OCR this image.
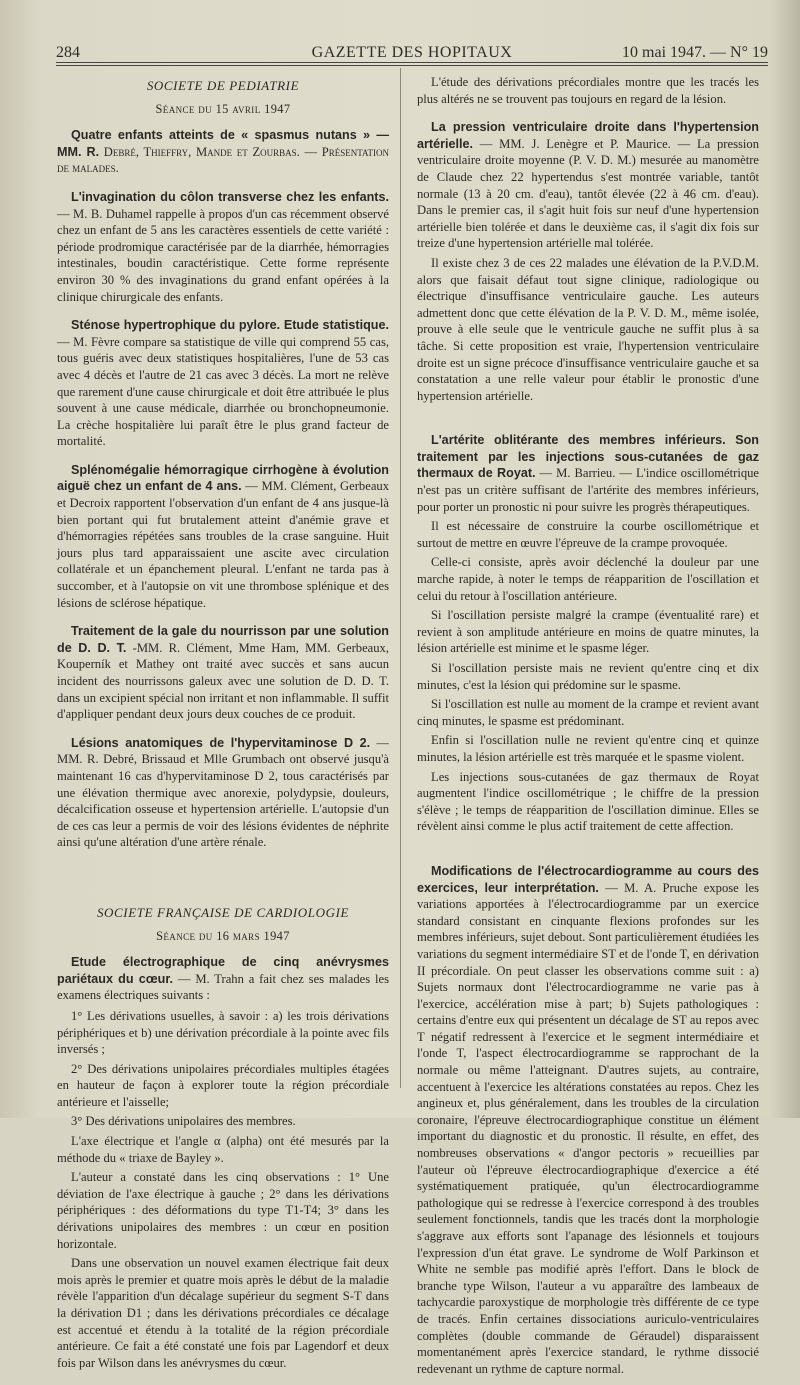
284	GAZETTE DES HOPITAUX	10 mai 1947. — N° 19
SOCIETE DE PEDIATRIE
Séance du 15 avril 1947

Quatre enfants atteints de « spasmus nutans » — MM. R. Debré, Thieffry, Mande et Zourbas. — Présentation de malades.

L'invagination du côlon transverse chez les enfants. — M. B. Duhamel rappelle à propos d'un cas récemment observé chez un enfant de 5 ans les caractères essentiels de cette variété : période prodromique caractérisée par de la diarrhée, hémorragies intestinales, boudin caractéristique. Cette forme représente environ 30 % des invaginations du grand enfant opérées à la clinique chirurgicale des enfants.

Sténose hypertrophique du pylore. Etude statistique. — M. Fèvre compare sa statistique de ville qui comprend 55 cas, tous guéris avec deux statistiques hospitalières, l'une de 53 cas avec 4 décès et l'autre de 21 cas avec 3 décès. La mort ne relève que rarement d'une cause chirurgicale et doit être attribuée le plus souvent à une cause médicale, diarrhée ou bronchopneumonie. La crèche hospitalière lui paraît être le plus grand facteur de mortalité.

Splénomégalie hémorragique cirrhogène à évolution aiguë chez un enfant de 4 ans. — MM. Clément, Gerbeaux et Decroix rapportent l'observation d'un enfant de 4 ans jusque-là bien portant qui fut brutalement atteint d'anémie grave et d'hémorragies répétées sans troubles de la crase sanguine. Huit jours plus tard apparaissaient une ascite avec circulation collatérale et un épanchement pleural. L'enfant ne tarda pas à succomber, et à l'autopsie on vit une thrombose splénique et des lésions de sclérose hépatique.

Traitement de la gale du nourrisson par une solution de D. D. T. -MM. R. Clément, Mme Ham, MM. Gerbeaux, Kouperník et Mathey ont traité avec succès et sans aucun incident des nourrissons galeux avec une solution de D. D. T. dans un excipient spécial non irritant et non inflammable. Il suffit d'appliquer pendant deux jours deux couches de ce produit.

Lésions anatomiques de l'hypervitaminose D 2. — MM. R. Debré, Brissaud et Mlle Grumbach ont observé jusqu'à maintenant 16 cas d'hypervitaminose D 2, tous caractérisés par une élévation thermique avec anorexie, polydypsie, douleurs, décalcification osseuse et hypertension artérielle. L'autopsie d'un de ces cas leur a permis de voir des lésions évidentes de néphrite ainsi qu'une altération d'une artère rénale.

SOCIETE FRANÇAISE DE CARDIOLOGIE
Séance du 16 mars 1947

Etude électrographique de cinq anévrysmes pariétaux du cœur. — M. Trahn a fait chez ses malades les examens électriques suivants :

1° Les dérivations usuelles, à savoir : a) les trois dérivations périphériques et b) une dérivation précordiale à la pointe avec fils inversés ;

2° Des dérivations unipolaires précordiales multiples étagées en hauteur de façon à explorer toute la région précordiale antérieure et l'aisselle;

3° Des dérivations unipolaires des membres.

L'axe électrique et l'angle α (alpha) ont été mesurés par la méthode du « triaxe de Bayley ».

L'auteur a constaté dans les cinq observations : 1° Une déviation de l'axe électrique à gauche ; 2° dans les dérivations périphériques : des déformations du type T1-T4; 3° dans les dérivations unipolaires des membres : un cœur en position horizontale.

Dans une observation un nouvel examen électrique fait deux mois après le premier et quatre mois après le début de la maladie révèle l'apparition d'un décalage supérieur du segment S-T dans la dérivation D1 ; dans les dérivations précordiales ce décalage est accentué et étendu à la totalité de la région précordiale antérieure. Ce fait a été constaté une fois par Lagendorf et deux fois par Wilson dans les anévrysmes du cœur.

L'étude des dérivations précordiales montre que les tracés les plus altérés ne se trouvent pas toujours en regard de la lésion.

La pression ventriculaire droite dans l'hypertension artérielle. — MM. J. Lenègre et P. Maurice. — La pression ventriculaire droite moyenne (P. V. D. M.) mesurée au manomètre de Claude chez 22 hypertendus s'est montrée variable, tantôt normale (13 à 20 cm. d'eau), tantôt élevée (22 à 46 cm. d'eau). Dans le premier cas, il s'agit huit fois sur neuf d'une hypertension artérielle bien tolérée et dans le deuxième cas, il s'agit dix fois sur treize d'une hypertension artérielle mal tolérée.

Il existe chez 3 de ces 22 malades une élévation de la P.V.D.M. alors que faisait défaut tout signe clinique, radiologique ou électrique d'insuffisance ventriculaire gauche. Les auteurs admettent donc que cette élévation de la P. V. D. M., même isolée, prouve à elle seule que le ventricule gauche ne suffit plus à sa tâche. Si cette proposition est vraie, l'hypertension ventriculaire droite est un signe précoce d'insuffisance ventriculaire gauche et sa constatation a une relle valeur pour établir le pronostic d'une hypertension artérielle.

L'artérite oblitérante des membres inférieurs. Son traitement par les injections sous-cutanées de gaz thermaux de Royat. — M. Barrieu. — L'indice oscillométrique n'est pas un critère suffisant de l'artérite des membres inférieurs, pour porter un pronostic ni pour suivre les progrès thérapeutiques.

Il est nécessaire de construire la courbe oscillométrique et surtout de mettre en œuvre l'épreuve de la crampe provoquée.

Celle-ci consiste, après avoir déclenché la douleur par une marche rapide, à noter le temps de réapparition de l'oscillation et celui du retour à l'oscillation antérieure.

Si l'oscillation persiste malgré la crampe (éventualité rare) et revient à son amplitude antérieure en moins de quatre minutes, la lésion artérielle est minime et le spasme léger.

Si l'oscillation persiste mais ne revient qu'entre cinq et dix minutes, c'est la lésion qui prédomine sur le spasme.

Si l'oscillation est nulle au moment de la crampe et revient avant cinq minutes, le spasme est prédominant.

Enfin si l'oscillation nulle ne revient qu'entre cinq et quinze minutes, la lésion artérielle est très marquée et le spasme violent.

Les injections sous-cutanées de gaz thermaux de Royat augmentent l'indice oscillométrique ; le chiffre de la pression s'élève ; le temps de réapparition de l'oscillation diminue. Elles se révèlent ainsi comme le plus actif traitement de cette affection.

Modifications de l'électrocardiogramme au cours des exercices, leur interprétation. — M. A. Pruche expose les variations apportées à l'électrocardiogramme par un exercice standard consistant en cinquante flexions profondes sur les membres inférieurs, sujet debout. Sont particulièrement étudiées les variations du segment intermédiaire ST et de l'onde T, en dérivation II précordiale. On peut classer les observations comme suit : a) Sujets normaux dont l'électrocardiogramme ne varie pas à l'exercice, accélération mise à part; b) Sujets pathologiques : certains d'entre eux qui présentent un décalage de ST au repos avec T négatif redressent à l'exercice et le segment intermédiaire et l'onde T, l'aspect électrocardiogramme se rapprochant de la normale ou même l'atteignant. D'autres sujets, au contraire, accentuent à l'exercice les altérations constatées au repos. Chez les angineux et, plus généralement, dans les troubles de la circulation coronaire, l'épreuve électrocardiographique constitue un élément important du diagnostic et du pronostic. Il résulte, en effet, des nombreuses observations « d'angor pectoris » recueillies par l'auteur où l'épreuve électrocardiographique d'exercice a été systématiquement pratiquée, qu'un électrocardiogramme pathologique qui se redresse à l'exercice correspond à des troubles seulement fonctionnels, tandis que les tracés dont la morphologie s'aggrave aux efforts sont l'apanage des lésionnels et toujours l'expression d'un état grave. Le syndrome de Wolf Parkinson et White ne semble pas modifié après l'effort. Dans le block de branche type Wilson, l'auteur a vu apparaître des lambeaux de tachycardie paroxystique de morphologie très différente de ce type de tracés. Enfin certaines dissociations auriculo-ventriculaires complètes (double commande de Géraudel) disparaissent momentanément après l'exercice standard, le rythme dissocié redevenant un rythme de capture normal.
